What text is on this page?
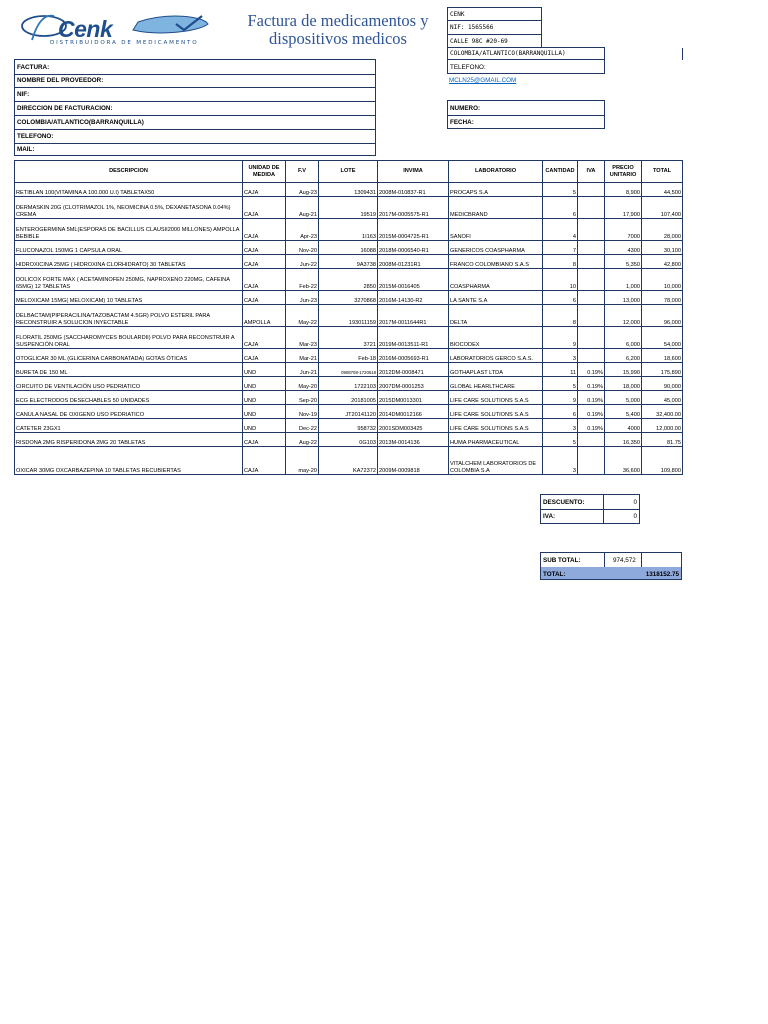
Cenk
DISTRIBUIDORA DE MEDICAMENTO
Factura de medicamentos y
dispositivos medicos
CENK
NIF: 1565566
CALLE 98C #20-69
COLOMBIA/ATLANTICO(BARRANQUILLA)
TELEFONO:
MCLN25@GMAIL.COM
FACTURA:
NOMBRE DEL PROVEEDOR:
NIF:
DIRECCION DE FACTURACION:
COLOMBIA/ATLANTICO(BARRANQUILLA)
TELEFONO:
MAIL:
NUMERO:
FECHA:
DESCRIPCION	UNIDAD DE MEDIDA	F.V	LOTE	INVIMA	LABORATORIO	CANTIDAD	IVA	PRECIO UNITARIO	TOTAL
RETIBLAN 100(VITAMINA A 100.000 U.I) TABLETAX50	CAJA	Aug-23	1309431	2008M-010837-R1	PROCAPS S.A	5		8,900	44,500
DERMASKIN 20G (CLOTRIMAZOL 1%, NEOMICINA 0.5%, DEXANETASONA 0.04%) CREMA	CAJA	Aug-21	19519	2017M-0005575-R1	MEDICBRAND	6		17,900	107,400
ENTEROGERMINA 5ML(ESPORAS DE BACILLUS CLAUSII2000 MILLONES) AMPOLLA BEBIBLE	CAJA	Apr-23	1I163	2015M-0004725-R1	SANOFI	4		7000	28,000
FLUCONAZOL 150MG 1 CAPSULA ORAL	CAJA	Nov-20	16088	2018M-0006540-R1	GENERICOS COASPHARMA	7		4300	30,100
HIDROXICINA 25MG ( HIDROXINA CLORHIDRATO) 30 TABLETAS	CAJA	Jun-22	9A3738	2008M-01231R1	FRANCO COLOMBIANO S.A.S	8		5,350	42,800
DOLICOX FORTE MAX ( ACETAMINOFEN 250MG, NAPROXENO 220MG, CAFEINA 65MG) 12 TABLETAS	CAJA	Feb-22	2850	2015M-0016405	COASPHARMA	10		1,000	10,000
MELOXICAM 15MG( MELOXICAM) 10 TABLETAS	CAJA	Jun-23	3270868	2016M-14130-R2	LA SANTE S.A	6		13,000	78,000
DELBACTAM(PIPERACILINA/TAZOBACTAM 4.5GR) POLVO ESTERIL PARA RECONSTRUIR A SOLUCION INYECTABLE	AMPOLLA	May-22	193011159	2017M-0011644R1	DELTA	8		12,000	96,000
FLORATIL 250MG (SACCHAROMYCES BOULARDII) POLVO PARA RECONSTRUIR A SUSPENCIÓN ORAL	CAJA	Mar-23	3721	2019M-0013511-R1	BIOCODEX	9		6,000	54,000
OTOGLICAR 30 ML (GLICERINA CARBONATADA) GOTAS ÓTICAS	CAJA	Mar-21	Feb-18	2016M-0005693-R1	LABORATORIOS GERCO S.A.S.	3		6,200	18,600
BURETA DE 150 ML	UND	Jun-21	0908708-1720618	2012DM-0008471	GOTHAPLAST LTDA	11	0.19%	15,990	175,890
CIRCUITO DE VENTILACIÓN USO PEDRIATICO	UND	May-20	1722103	2007DM-0001253	GLOBAL HEARLTHCARE	5	0.19%	18,000	90,000
ECG ELECTRODOS DESECHABLES 50 UNIDADES	UND	Sep-20	20181005	2015DM0013301	LIFE CARE SOLUTIONS S.A.S	9	0.19%	5,000	45,000
CANULA NASAL DE OXIGENO USO PEDRIATICO	UND	Nov-19	JT20141120	2014DM0012166	LIFE CARE SOLUTIONS S.A.S	6	0.19%	5,400	32,400.00
CATETER 23GX1	UND	Dec-22	958732	2001SDM003425	LIFE CARE SOLUTIONS S.A.S	3	0.19%	4000	12,000.00
RISDONA 2MG RISPERIDONA 2MG 20 TABLETAS	CAJA	Aug-22	0G103	2013M-0014136	HUMA PHARMACEUTICAL	5		16,350	81.75
OXICAR 30MG OXCARBAZEPINA 10 TABLETAS RECUBIERTAS	CAJA	may-20	KA72372	2009M-0009818	VITALCHEM LABORATORIOS DE COLOMBIA S.A	3		36,600	109,800
DESCUENTO:	0
IVA:	0
SUB TOTAL:	974,572
TOTAL:	1318152.75
